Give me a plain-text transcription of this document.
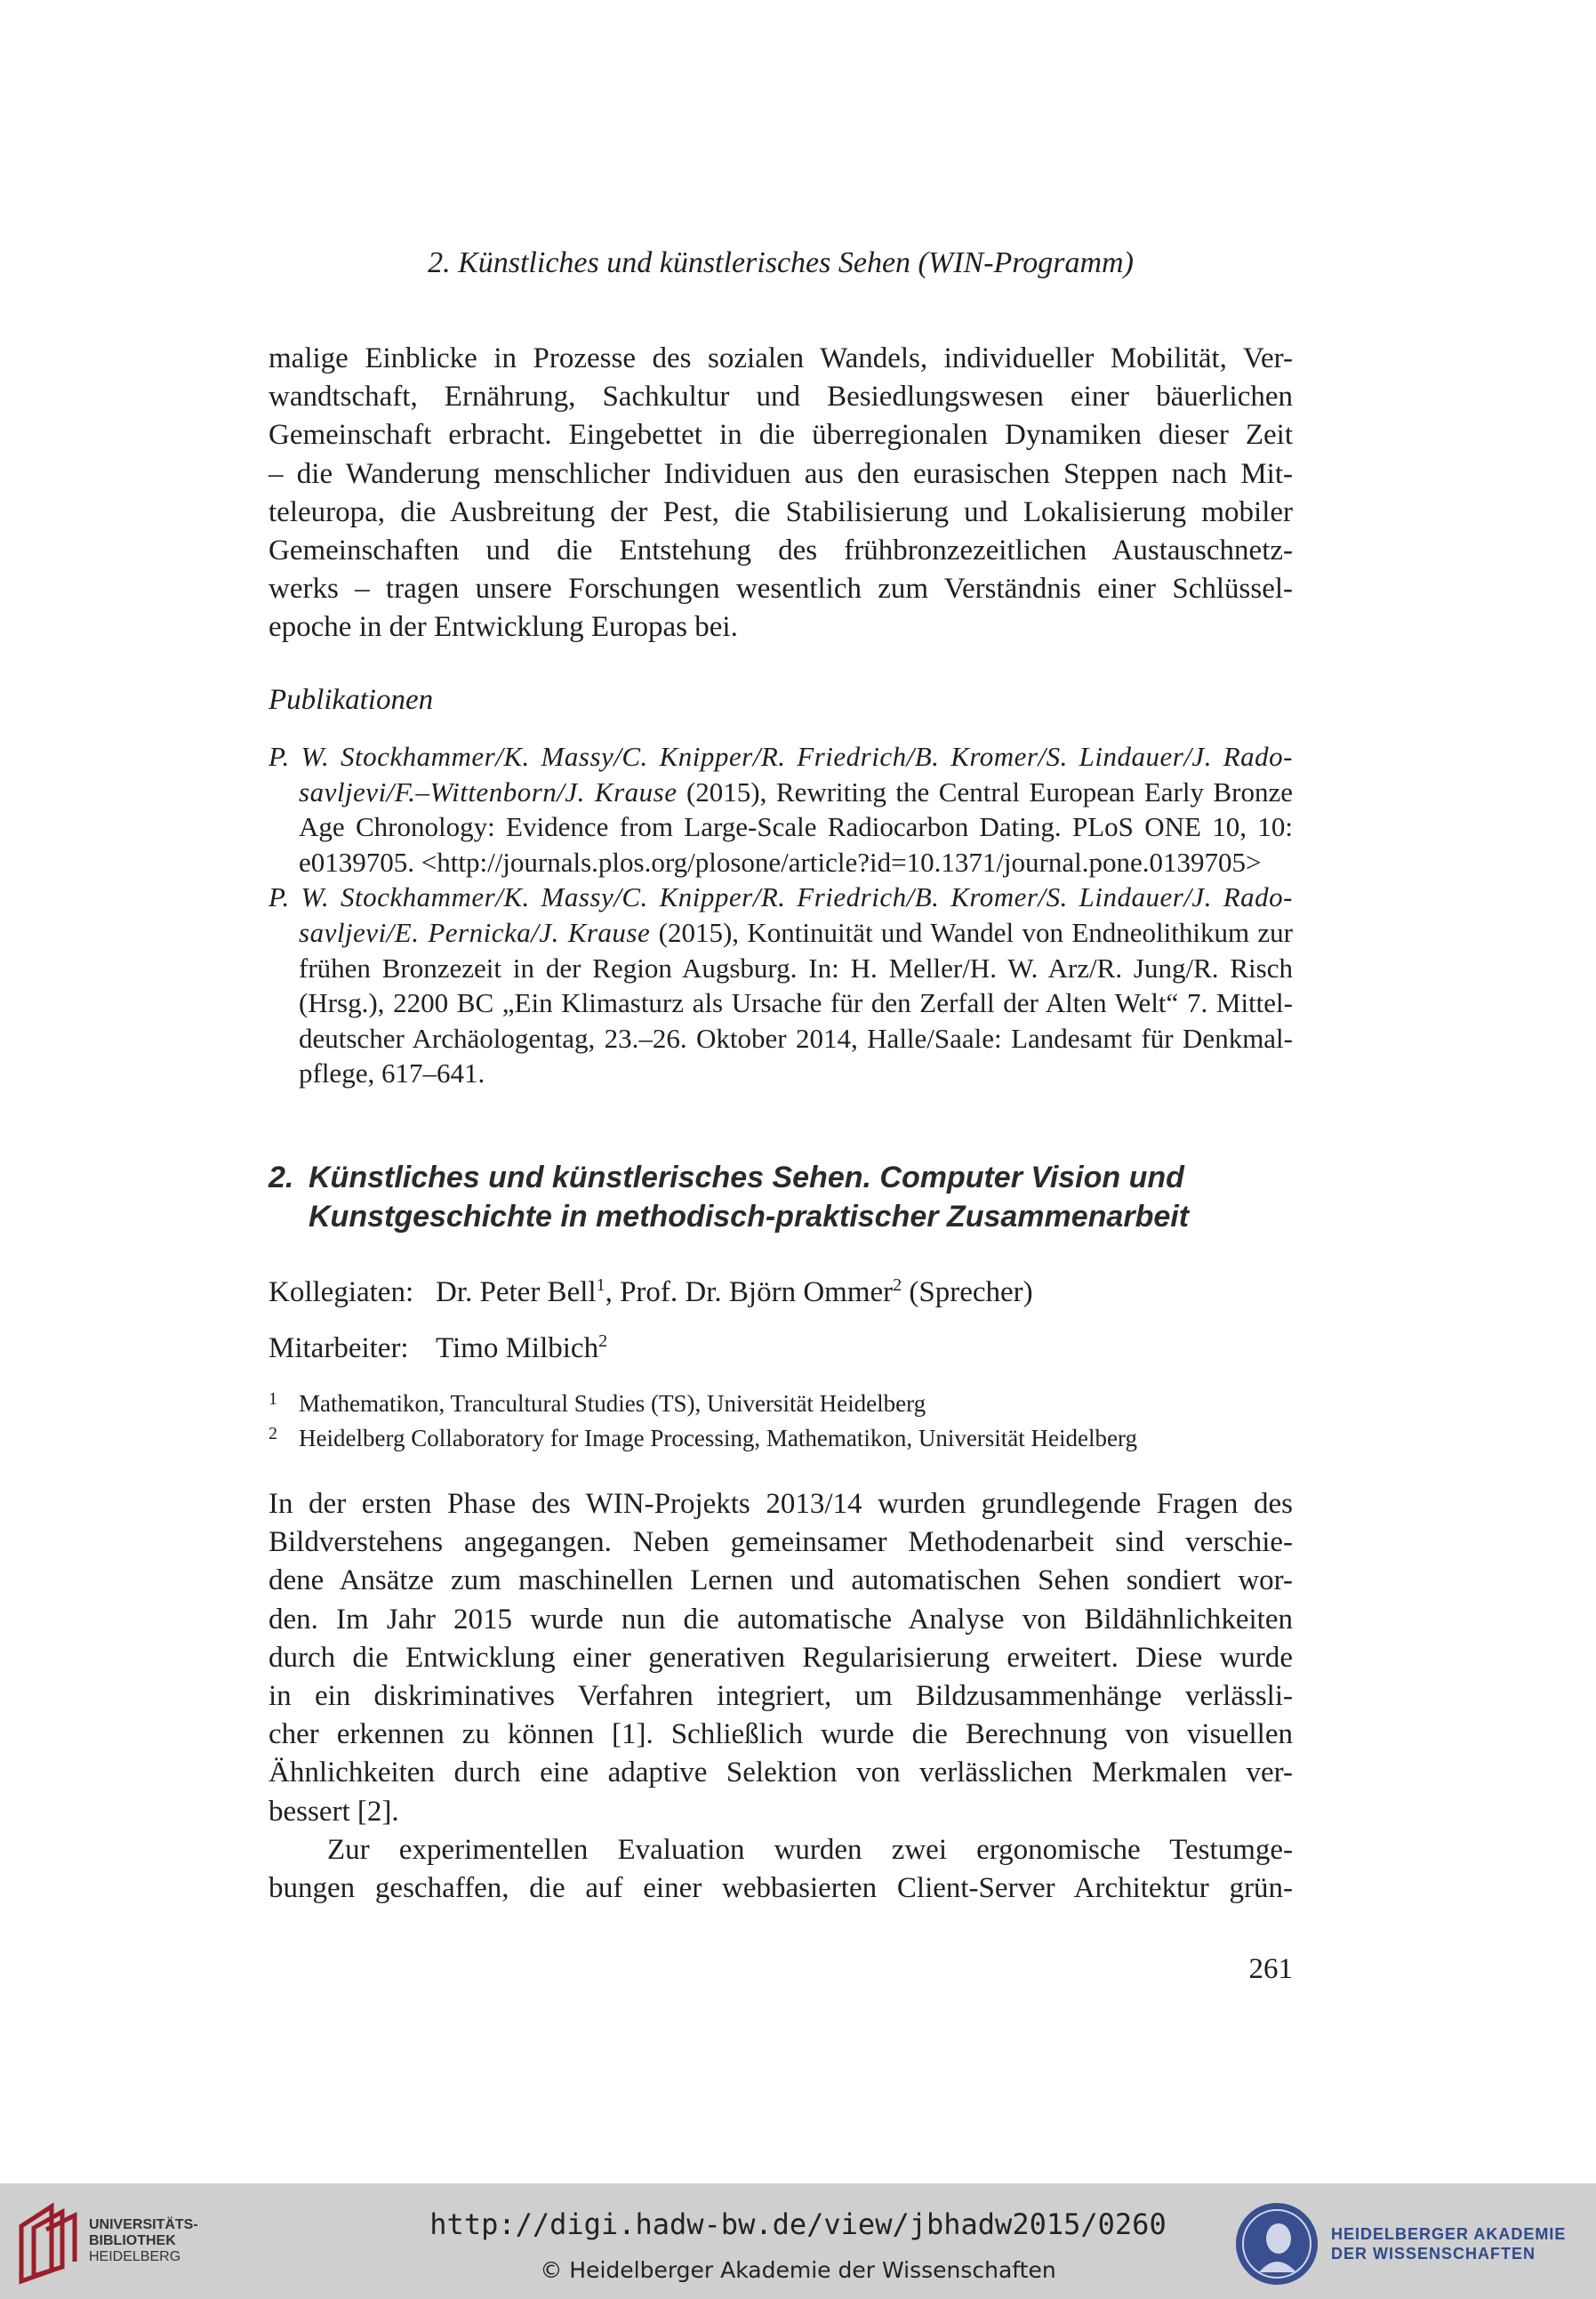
2. Künstliches und künstlerisches Sehen (WIN-Programm)

malige Einblicke in Prozesse des sozialen Wandels, individueller Mobilität, Ver-
wandtschaft, Ernährung, Sachkultur und Besiedlungswesen einer bäuerlichen
Gemeinschaft erbracht. Eingebettet in die überregionalen Dynamiken dieser Zeit
– die Wanderung menschlicher Individuen aus den eurasischen Steppen nach Mit-
teleuropa, die Ausbreitung der Pest, die Stabilisierung und Lokalisierung mobiler
Gemeinschaften und die Entstehung des frühbronzezeitlichen Austauschnetz-
werks – tragen unsere Forschungen wesentlich zum Verständnis einer Schlüssel-
epoche in der Entwicklung Europas bei.

Publikationen
P. W. Stockhammer/K. Massy/C. Knipper/R. Friedrich/B. Kromer/S. Lindauer/J. Rado-
savljevi/F.–Wittenborn/J. Krause (2015), Rewriting the Central European Early Bronze
Age Chronology: Evidence from Large-Scale Radiocarbon Dating. PLoS ONE 10, 10:
e0139705. <http://journals.plos.org/plosone/article?id=10.1371/journal.pone.0139705>
P. W. Stockhammer/K. Massy/C. Knipper/R. Friedrich/B. Kromer/S. Lindauer/J. Rado-
savljevi/E. Pernicka/J. Krause (2015), Kontinuität und Wandel von Endneolithikum zur
frühen Bronzezeit in der Region Augsburg. In: H. Meller/H. W. Arz/R. Jung/R. Risch
(Hrsg.), 2200 BC „Ein Klimasturz als Ursache für den Zerfall der Alten Welt“ 7. Mittel-
deutscher Archäologentag, 23.–26. Oktober 2014, Halle/Saale: Landesamt für Denkmal-
pflege, 617–641.
2. Künstliches und künstlerisches Sehen. Computer Vision und
Kunstgeschichte in methodisch-praktischer Zusammenarbeit
Kollegiaten: Dr. Peter Bell$^1$, Prof. Dr. Björn Ommer$^2$ (Sprecher)
Mitarbeiter: Timo Milbich$^2$
1 Mathematikon, Trancultural Studies (TS), Universität Heidelberg
2 Heidelberg Collaboratory for Image Processing, Mathematikon, Universität Heidelberg

In der ersten Phase des WIN-Projekts 2013/14 wurden grundlegende Fragen des
Bildverstehens angegangen. Neben gemeinsamer Methodenarbeit sind verschie-
dene Ansätze zum maschinellen Lernen und automatischen Sehen sondiert wor-
den. Im Jahr 2015 wurde nun die automatische Analyse von Bildähnlichkeiten
durch die Entwicklung einer generativen Regularisierung erweitert. Diese wurde
in ein diskriminatives Verfahren integriert, um Bildzusammenhänge verlässli-
cher erkennen zu können [1]. Schließlich wurde die Berechnung von visuellen
Ähnlichkeiten durch eine adaptive Selektion von verlässlichen Merkmalen ver-
bessert [2].

Zur experimentellen Evaluation wurden zwei ergonomische Testumge-
bungen geschaffen, die auf einer webbasierten Client-Server Architektur grün-

261
UNIVERSITÄTS-
BIBLIOTHEK
HEIDELBERG
http://digi.hadw-bw.de/view/jbhadw2015/0260
© Heidelberger Akademie der Wissenschaften
HEIDELBERGER AKADEMIE
DER WISSENSCHAFTEN
